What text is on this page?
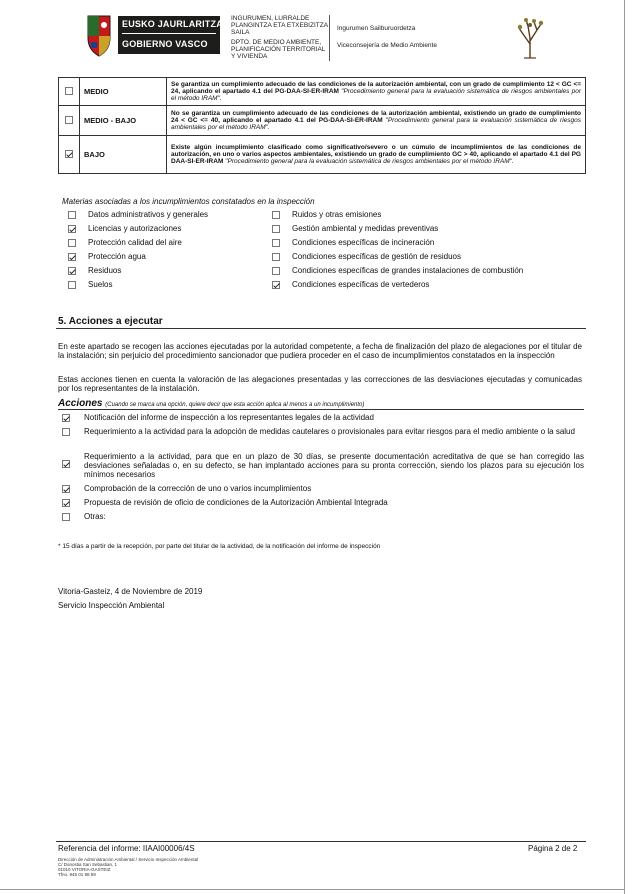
EUSKO JAURLARITZA
GOBIERNO VASCO
INGURUMEN, LURRALDE
PLANGINTZA ETA ETXEBIZITZA
SAILA
DPTO. DE MEDIO AMBIENTE,
PLANIFICACIÓN TERRITORIAL
Y VIVIENDA
Ingurumen Sailburuordetza
Viceconsejería de Medio Ambiente
	MEDIO	Se garantiza un cumplimiento adecuado de las condiciones de la autorización ambiental, con un grado de cumplimiento 12 < GC <= 24, aplicando el apartado 4.1 del PG-DAA-SI-ER-IRAM "Procedimiento general para la evaluación sistemática de riesgos ambientales por el método IRAM".
	MEDIO - BAJO	No se garantiza un cumplimiento adecuado de las condiciones de la autorización ambiental, existiendo un grado de cumplimiento 24 < GC <= 40, aplicando el apartado 4.1 del PG-DAA-SI-ER-IRAM "Procedimiento general para la evaluación sistemática de riesgos ambientales por el método IRAM".
	BAJO	Existe algún incumplimiento clasificado como significativo/severo o un cúmulo de incumplimientos de las condiciones de autorización, en uno o varios aspectos ambientales, existiendo un grado de cumplimiento GC > 40, aplicando el apartado 4.1 del PG DAA-SI-ER-IRAM "Procedimiento general para la evaluación sistemática de riesgos ambientales por el método IRAM".
Materias asociadas a los incumplimientos constatados en la inspección
Datos administrativos y generales
Licencias y autorizaciones
Protección calidad del aire
Protección agua
Residuos
Suelos
Ruidos y otras emisiones
Gestión ambiental y medidas preventivas
Condiciones específicas de incineración
Condiciones específicas de gestión de residuos
Condiciones específicas de grandes instalaciones de combustión
Condiciones específicas de vertederos
5. Acciones a ejecutar
En este apartado se recogen las acciones ejecutadas por la autoridad competente, a fecha de finalización del plazo de alegaciones por el titular de la instalación; sin perjuicio del procedimiento sancionador que pudiera proceder en el caso de incumplimientos constatados en la inspección
Estas acciones tienen en cuenta la valoración de las alegaciones presentadas y las correcciones de las desviaciones ejecutadas y comunicadas por los representantes de la instalación.
Acciones (Cuando se marca una opción, quiere decir que esta acción aplica al menos a un incumplimiento)
Notificación del informe de inspección a los representantes legales de la actividad
Requerimiento a la actividad para la adopción de medidas cautelares o provisionales para evitar riesgos para el medio ambiente o la salud
Requerimiento a la actividad, para que en un plazo de 30 días, se presente documentación acreditativa de que se han corregido las desviaciones señaladas o, en su defecto, se han implantado acciones para su pronta corrección, siendo los plazos para su ejecución los mínimos necesarios
Comprobación de la corrección de uno o varios incumplimientos
Propuesta de revisión de oficio de condiciones de la Autorización Ambiental Integrada
Otras:
* 15 días a partir de la recepción, por parte del titular de la actividad, de la notificación del informe de inspección
Vitoria-Gasteiz, 4 de Noviembre de 2019
Servicio Inspección Ambiental
Referencia del informe: IIAAI00006/4S	Página 2 de 2
Dirección de Administración Ambiental / Servicio Inspección Ambiental
C/ Donostia San Sebastian, 1
01010 VITORIA-GASTEIZ
Tfno. 945 01 98 59
